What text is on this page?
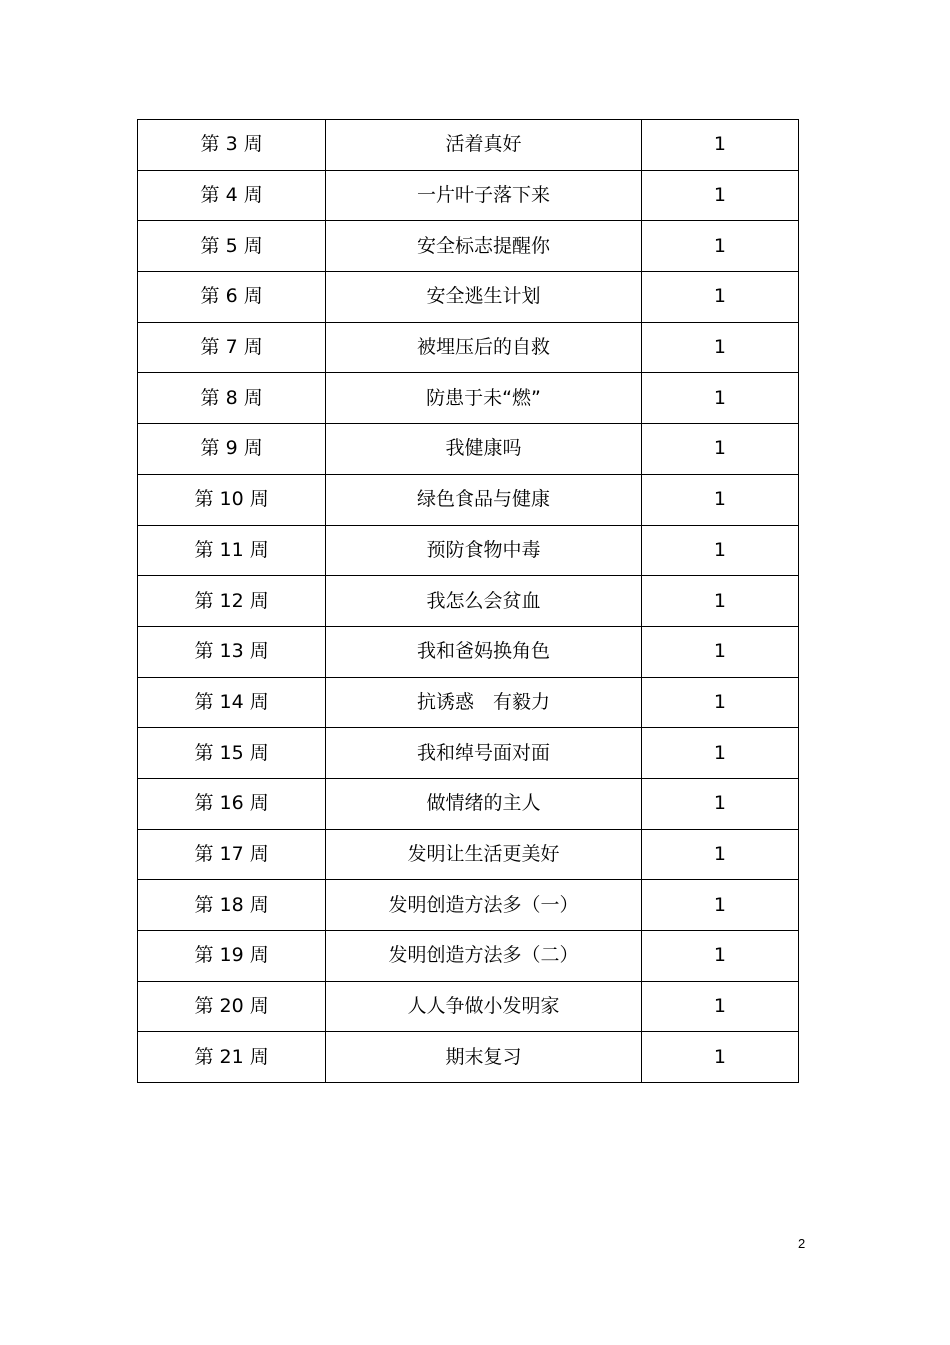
第 3 周	活着真好	1
第 4 周	一片叶子落下来	1
第 5 周	安全标志提醒你	1
第 6 周	安全逃生计划	1
第 7 周	被埋压后的自救	1
第 8 周	防患于未“燃”	1
第 9 周	我健康吗	1
第 10 周	绿色食品与健康	1
第 11 周	预防食物中毒	1
第 12 周	我怎么会贫血	1
第 13 周	我和爸妈换角色	1
第 14 周	抗诱惑　有毅力	1
第 15 周	我和绰号面对面	1
第 16 周	做情绪的主人	1
第 17 周	发明让生活更美好	1
第 18 周	发明创造方法多（一）	1
第 19 周	发明创造方法多（二）	1
第 20 周	人人争做小发明家	1
第 21 周	期末复习	1
2
